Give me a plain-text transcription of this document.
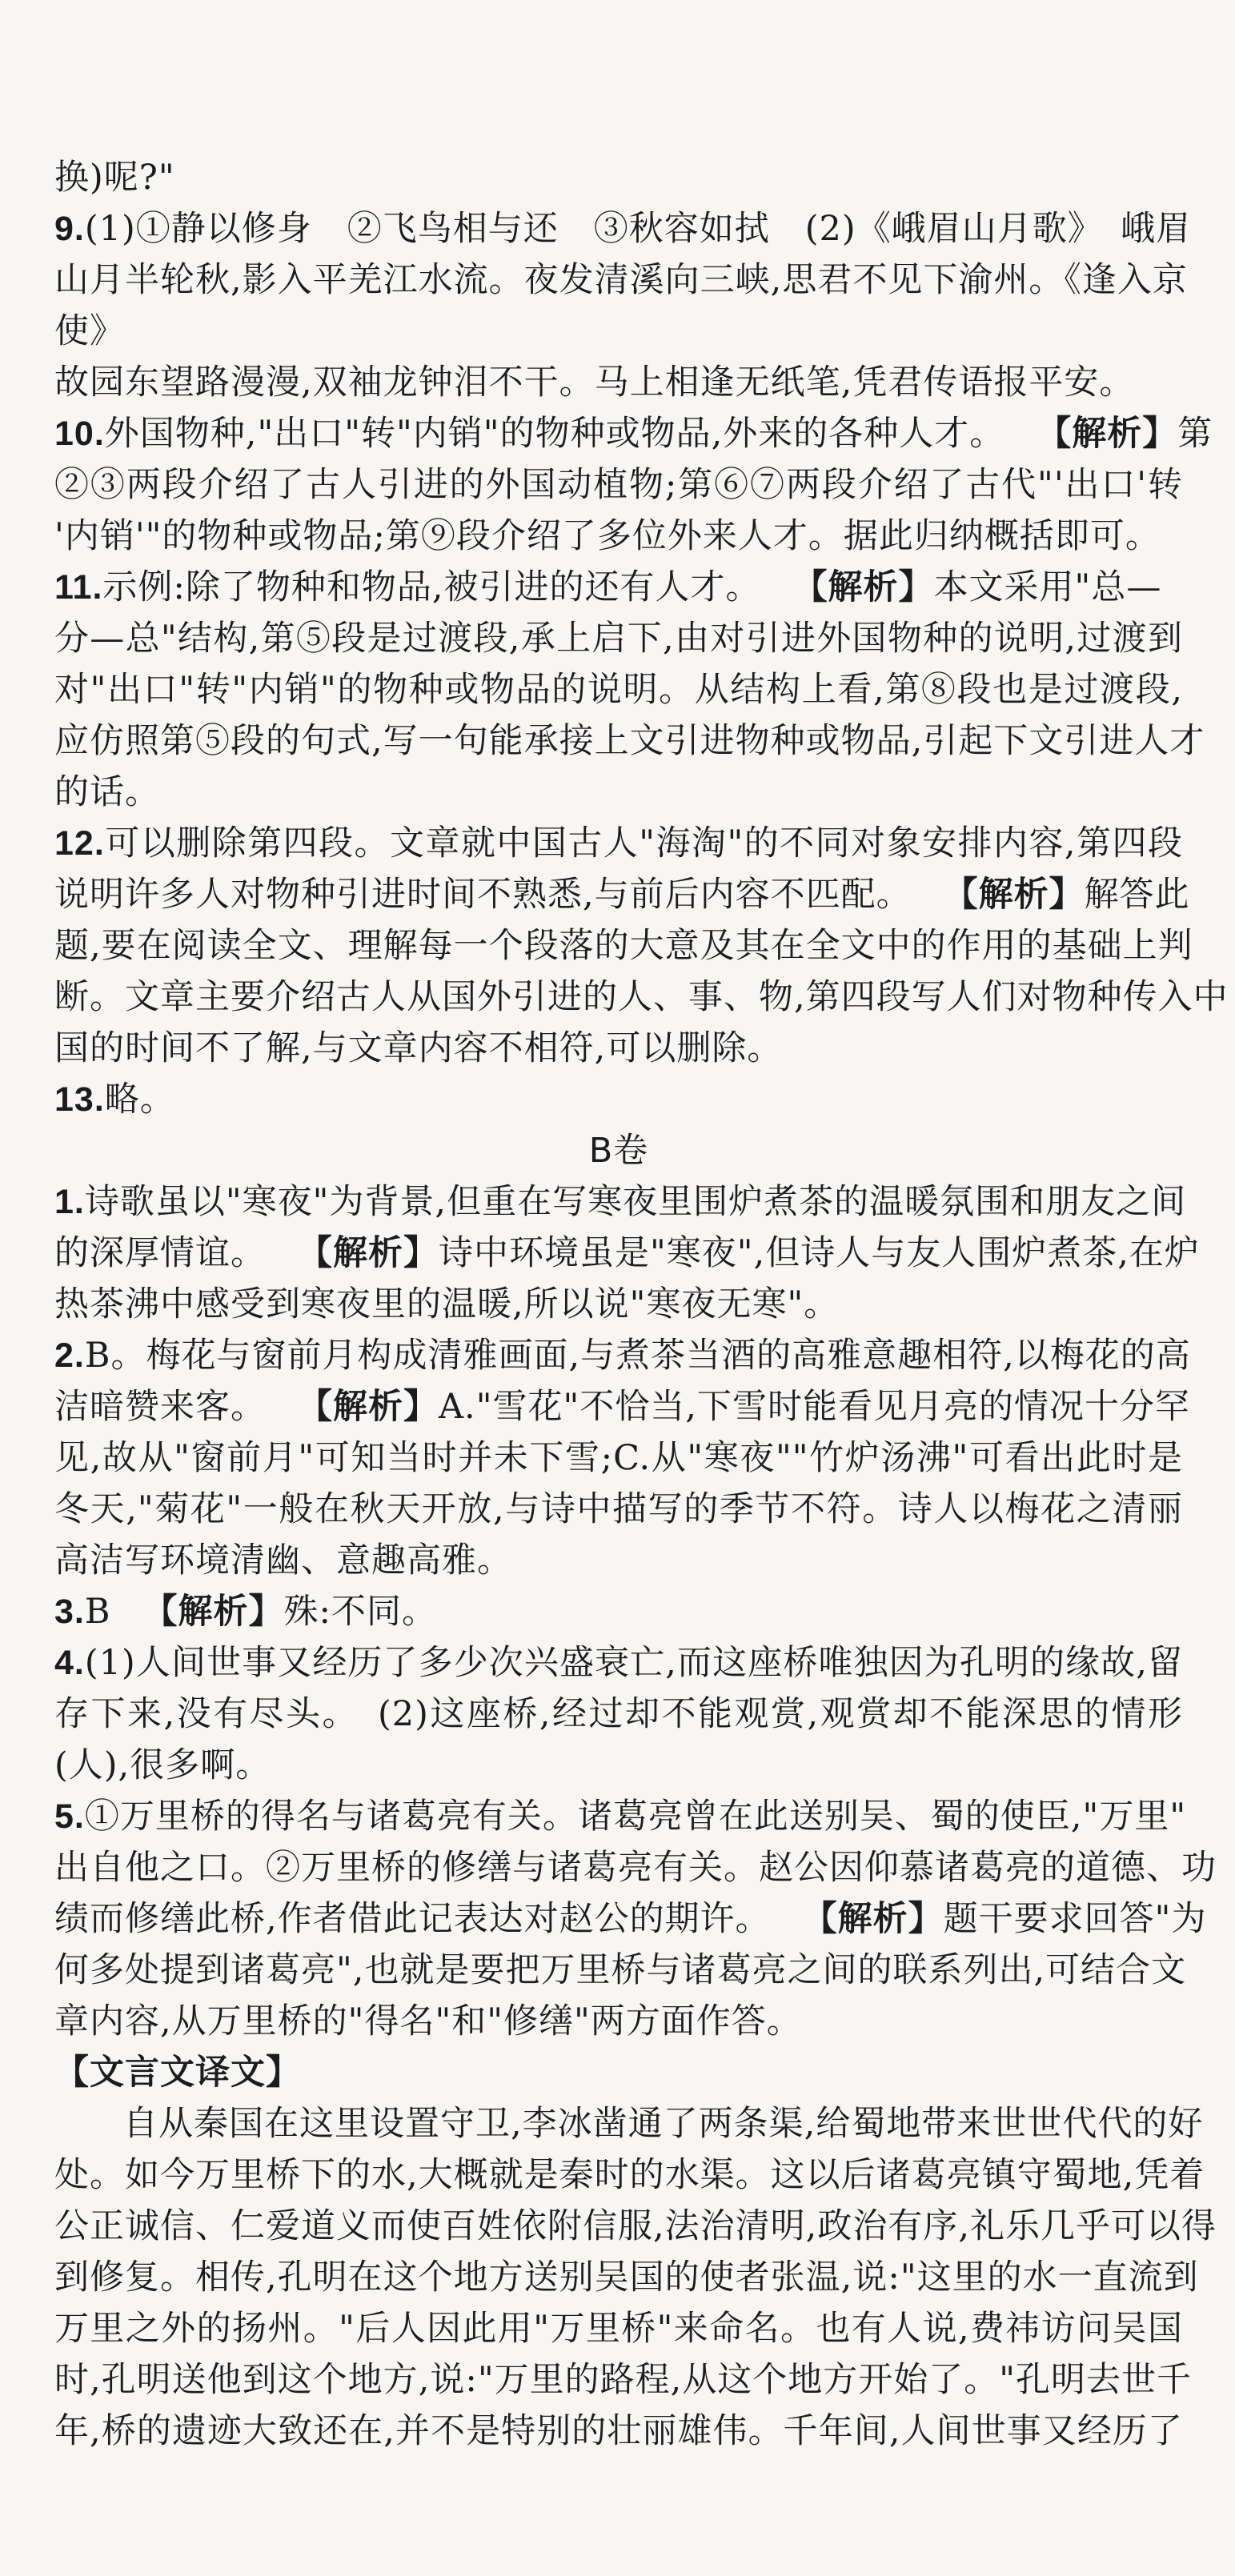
换)呢?"
9.(1)①静以修身　②飞鸟相与还　③秋容如拭　(2)《峨眉山月歌》　峨眉
山月半轮秋,影入平羌江水流。夜发清溪向三峡,思君不见下渝州。《逢入京
使》
故园东望路漫漫,双袖龙钟泪不干。马上相逢无纸笔,凭君传语报平安。
10.外国物种,"出口"转"内销"的物种或物品,外来的各种人才。 【解析】第
②③两段介绍了古人引进的外国动植物;第⑥⑦两段介绍了古代"'出口'转
'内销'"的物种或物品;第⑨段介绍了多位外来人才。据此归纳概括即可。
11.示例:除了物种和物品,被引进的还有人才。 【解析】本文采用"总—
分—总"结构,第⑤段是过渡段,承上启下,由对引进外国物种的说明,过渡到
对"出口"转"内销"的物种或物品的说明。从结构上看,第⑧段也是过渡段,
应仿照第⑤段的句式,写一句能承接上文引进物种或物品,引起下文引进人才
的话。
12.可以删除第四段。文章就中国古人"海淘"的不同对象安排内容,第四段
说明许多人对物种引进时间不熟悉,与前后内容不匹配。 【解析】解答此
题,要在阅读全文、理解每一个段落的大意及其在全文中的作用的基础上判
断。文章主要介绍古人从国外引进的人、事、物,第四段写人们对物种传入中
国的时间不了解,与文章内容不相符,可以删除。
13.略。
B卷
1.诗歌虽以"寒夜"为背景,但重在写寒夜里围炉煮茶的温暖氛围和朋友之间
的深厚情谊。 【解析】诗中环境虽是"寒夜",但诗人与友人围炉煮茶,在炉
热茶沸中感受到寒夜里的温暖,所以说"寒夜无寒"。
2.B。梅花与窗前月构成清雅画面,与煮茶当酒的高雅意趣相符,以梅花的高
洁暗赞来客。 【解析】A."雪花"不恰当,下雪时能看见月亮的情况十分罕
见,故从"窗前月"可知当时并未下雪;C.从"寒夜""竹炉汤沸"可看出此时是
冬天,"菊花"一般在秋天开放,与诗中描写的季节不符。诗人以梅花之清丽
高洁写环境清幽、意趣高雅。
3.B 【解析】殊:不同。
4.(1)人间世事又经历了多少次兴盛衰亡,而这座桥唯独因为孔明的缘故,留
存下来,没有尽头。　(2)这座桥,经过却不能观赏,观赏却不能深思的情形
(人),很多啊。
5.①万里桥的得名与诸葛亮有关。诸葛亮曾在此送别吴、蜀的使臣,"万里"
出自他之口。②万里桥的修缮与诸葛亮有关。赵公因仰慕诸葛亮的道德、功
绩而修缮此桥,作者借此记表达对赵公的期许。 【解析】题干要求回答"为
何多处提到诸葛亮",也就是要把万里桥与诸葛亮之间的联系列出,可结合文
章内容,从万里桥的"得名"和"修缮"两方面作答。
【文言文译文】
自从秦国在这里设置守卫,李冰凿通了两条渠,给蜀地带来世世代代的好
处。如今万里桥下的水,大概就是秦时的水渠。这以后诸葛亮镇守蜀地,凭着
公正诚信、仁爱道义而使百姓依附信服,法治清明,政治有序,礼乐几乎可以得
到修复。相传,孔明在这个地方送别吴国的使者张温,说:"这里的水一直流到
万里之外的扬州。"后人因此用"万里桥"来命名。也有人说,费祎访问吴国
时,孔明送他到这个地方,说:"万里的路程,从这个地方开始了。"孔明去世千
年,桥的遗迹大致还在,并不是特别的壮丽雄伟。千年间,人间世事又经历了
